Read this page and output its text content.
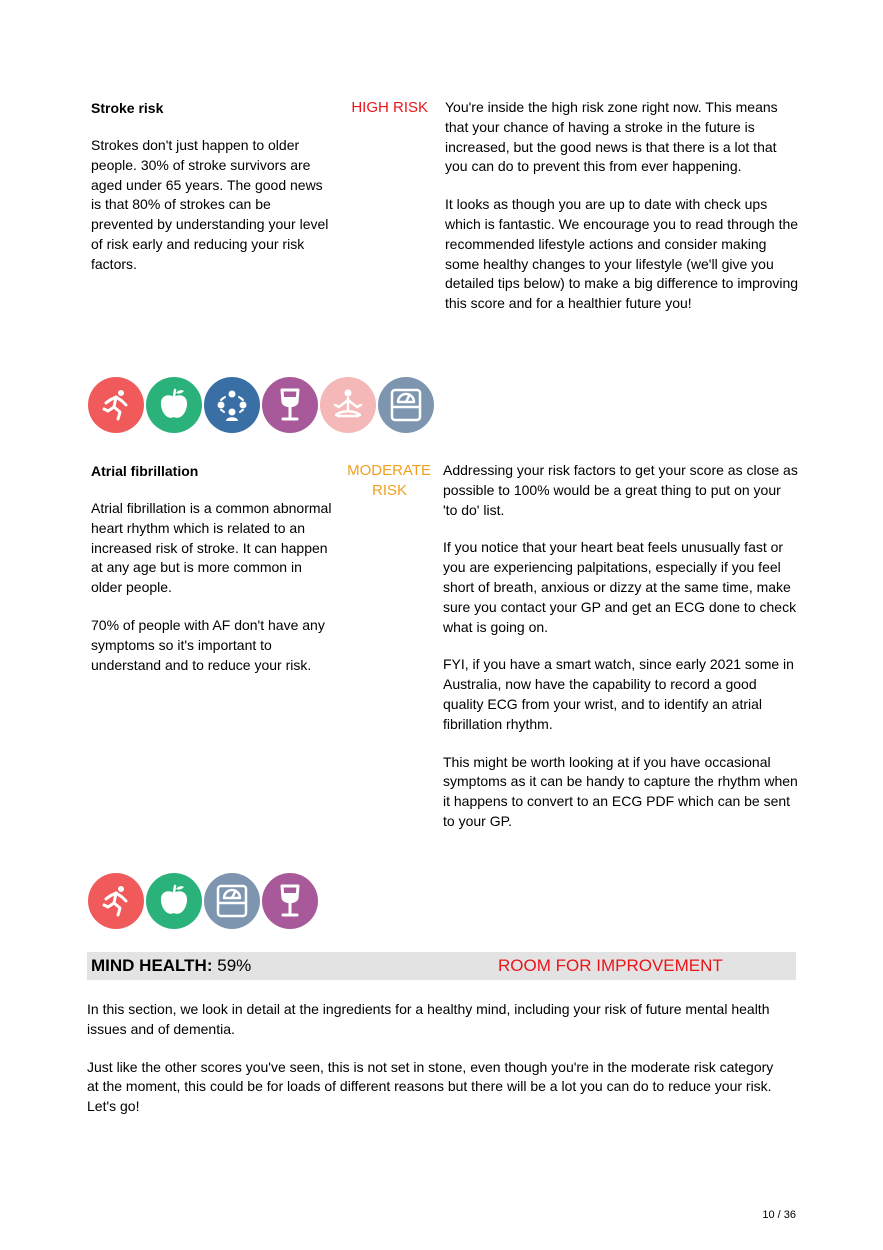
Stroke risk	HIGH RISK

Strokes don't just happen to older people. 30% of stroke survivors are aged under 65 years. The good news is that 80% of strokes can be prevented by understanding your level of risk early and reducing your risk factors.

You're inside the high risk zone right now. This means that your chance of having a stroke in the future is increased, but the good news is that there is a lot that you can do to prevent this from ever happening.

It looks as though you are up to date with check ups which is fantastic. We encourage you to read through the recommended lifestyle actions and consider making some healthy changes to your lifestyle (we'll give you detailed tips below) to make a big difference to improving this score and for a healthier future you!

Atrial fibrillation	MODERATE
RISK

Atrial fibrillation is a common abnormal heart rhythm which is related to an increased risk of stroke. It can happen at any age but is more common in older people.

70% of people with AF don't have any symptoms so it's important to understand and to reduce your risk.

Addressing your risk factors to get your score as close as possible to 100% would be a great thing to put on your 'to do' list.

If you notice that your heart beat feels unusually fast or you are experiencing palpitations, especially if you feel short of breath, anxious or dizzy at the same time, make sure you contact your GP and get an ECG done to check what is going on.

FYI, if you have a smart watch, since early 2021 some in Australia, now have the capability to record a good quality ECG from your wrist, and to identify an atrial fibrillation rhythm.

This might be worth looking at if you have occasional symptoms as it can be handy to capture the rhythm when it happens to convert to an ECG PDF which can be sent to your GP.

MIND HEALTH: 59%	ROOM FOR IMPROVEMENT

In this section, we look in detail at the ingredients for a healthy mind, including your risk of future mental health issues and of dementia.

Just like the other scores you've seen, this is not set in stone, even though you're in the moderate risk category at the moment, this could be for loads of different reasons but there will be a lot you can do to reduce your risk. Let's go!

10 / 36
